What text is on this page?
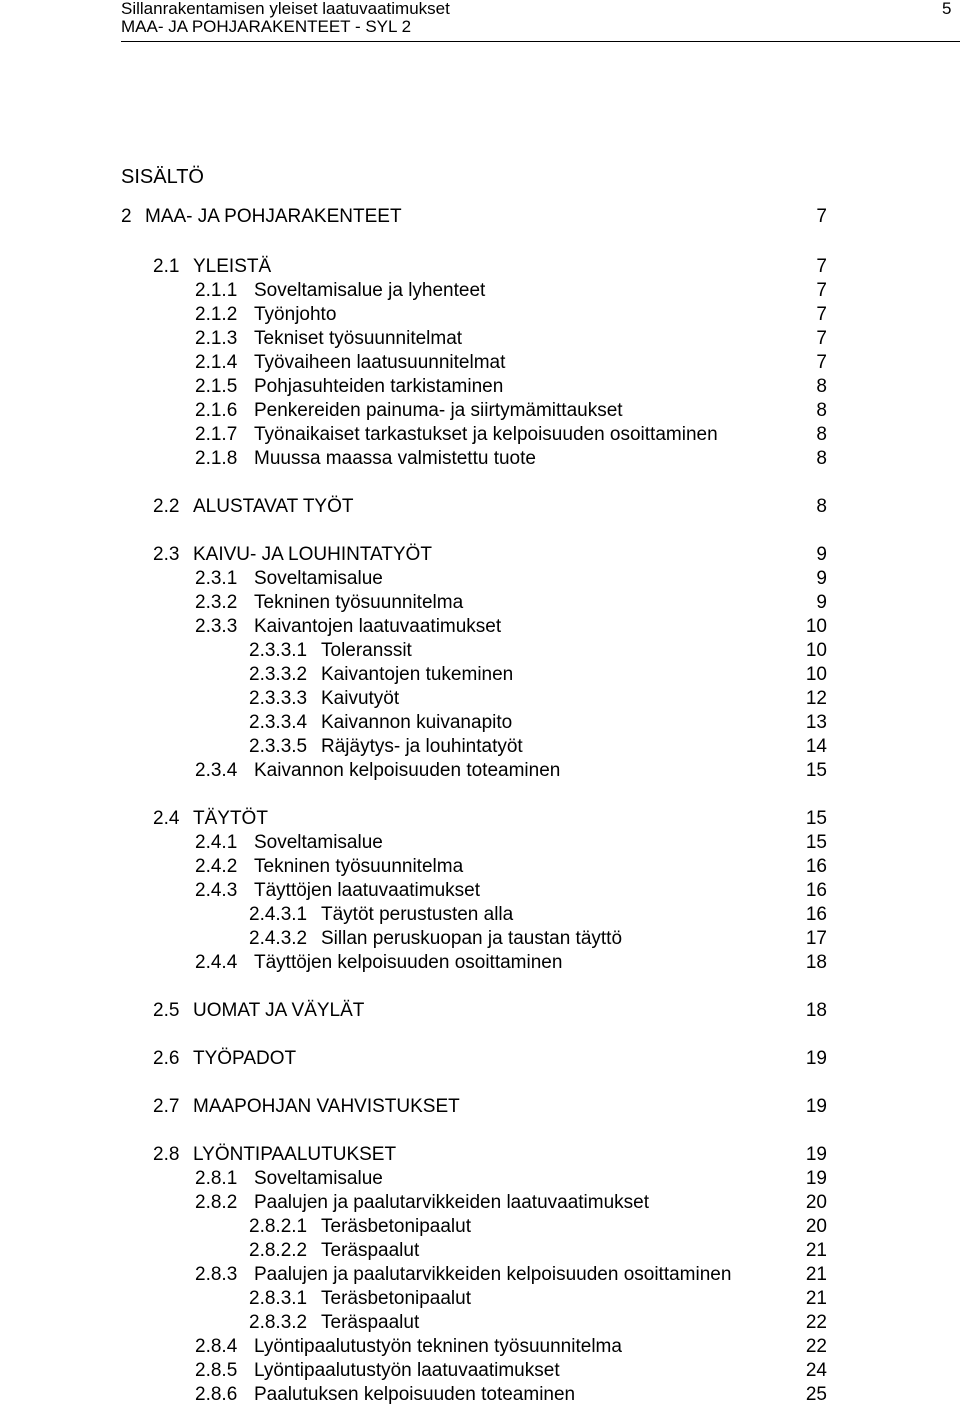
Sillanrakentamisen yleiset laatuvaatimukset
MAA- JA POHJARAKENTEET - SYL 2
5
SISÄLTÖ
2 MAA- JA POHJARAKENTEET	7
2.1 YLEISTÄ	7
2.1.1 Soveltamisalue ja lyhenteet	7
2.1.2 Työnjohto	7
2.1.3 Tekniset työsuunnitelmat	7
2.1.4 Työvaiheen laatusuunnitelmat	7
2.1.5 Pohjasuhteiden tarkistaminen	8
2.1.6 Penkereiden painuma- ja siirtymämittaukset	8
2.1.7 Työnaikaiset tarkastukset ja kelpoisuuden osoittaminen	8
2.1.8 Muussa maassa valmistettu tuote	8
2.2 ALUSTAVAT TYÖT	8
2.3 KAIVU- JA LOUHINTATYÖT	9
2.3.1 Soveltamisalue	9
2.3.2 Tekninen työsuunnitelma	9
2.3.3 Kaivantojen laatuvaatimukset	10
2.3.3.1 Toleranssit	10
2.3.3.2 Kaivantojen tukeminen	10
2.3.3.3 Kaivutyöt	12
2.3.3.4 Kaivannon kuivanapito	13
2.3.3.5 Räjäytys- ja louhintatyöt	14
2.3.4 Kaivannon kelpoisuuden toteaminen	15
2.4 TÄYTÖT	15
2.4.1 Soveltamisalue	15
2.4.2 Tekninen työsuunnitelma	16
2.4.3 Täyttöjen laatuvaatimukset	16
2.4.3.1 Täytöt perustusten alla	16
2.4.3.2 Sillan peruskuopan ja taustan täyttö	17
2.4.4 Täyttöjen kelpoisuuden osoittaminen	18
2.5 UOMAT JA VÄYLÄT	18
2.6 TYÖPADOT	19
2.7 MAAPOHJAN VAHVISTUKSET	19
2.8 LYÖNTIPAALUTUKSET	19
2.8.1 Soveltamisalue	19
2.8.2 Paalujen ja paalutarvikkeiden laatuvaatimukset	20
2.8.2.1 Teräsbetonipaalut	20
2.8.2.2 Teräspaalut	21
2.8.3 Paalujen ja paalutarvikkeiden kelpoisuuden osoittaminen	21
2.8.3.1 Teräsbetonipaalut	21
2.8.3.2 Teräspaalut	22
2.8.4 Lyöntipaalutustyön tekninen työsuunnitelma	22
2.8.5 Lyöntipaalutustyön laatuvaatimukset	24
2.8.6 Paalutuksen kelpoisuuden toteaminen	25
